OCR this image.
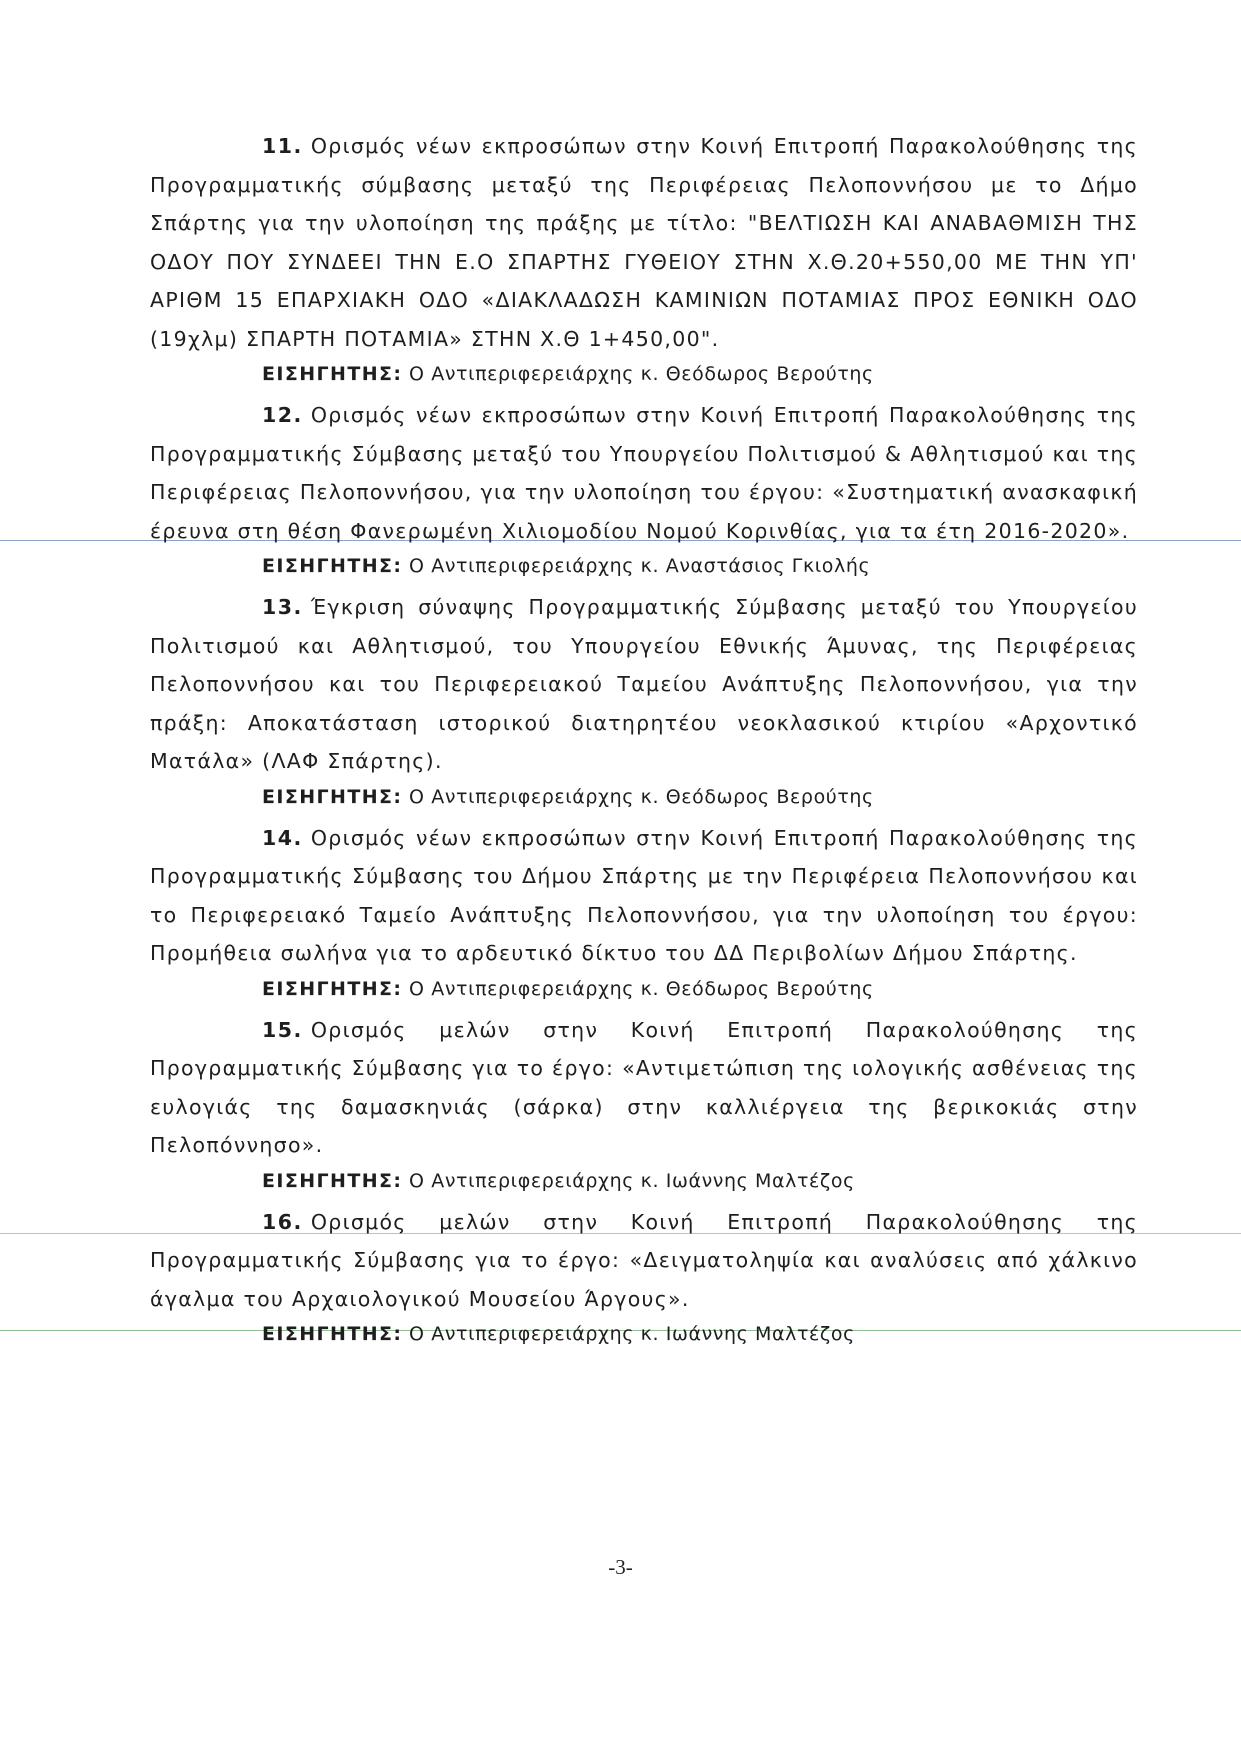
11. Ορισμός νέων εκπροσώπων στην Κοινή Επιτροπή Παρακολούθησης της Προγραμματικής σύμβασης μεταξύ της Περιφέρειας Πελοποννήσου με το Δήμο Σπάρτης για την υλοποίηση της πράξης με τίτλο: "ΒΕΛΤΙΩΣΗ ΚΑΙ ΑΝΑΒΑΘΜΙΣΗ ΤΗΣ ΟΔΟΥ ΠΟΥ ΣΥΝΔΕΕΙ ΤΗΝ Ε.Ο ΣΠΑΡΤΗΣ ΓΥΘΕΙΟΥ ΣΤΗΝ Χ.Θ.20+550,00 ΜΕ ΤΗΝ ΥΠ' ΑΡΙΘΜ 15 ΕΠΑΡΧΙΑΚΗ ΟΔΟ «ΔΙΑΚΛΑΔΩΣΗ ΚΑΜΙΝΙΩΝ ΠΟΤΑΜΙΑΣ ΠΡΟΣ ΕΘΝΙΚΗ ΟΔΟ (19χλμ) ΣΠΑΡΤΗ ΠΟΤΑΜΙΑ» ΣΤΗΝ Χ.Θ 1+450,00".

ΕΙΣΗΓΗΤΗΣ: Ο Αντιπεριφερειάρχης κ. Θεόδωρος Βερούτης

12. Ορισμός νέων εκπροσώπων στην Κοινή Επιτροπή Παρακολούθησης της Προγραμματικής Σύμβασης μεταξύ του Υπουργείου Πολιτισμού & Αθλητισμού και της Περιφέρειας Πελοποννήσου, για την υλοποίηση του έργου: «Συστηματική ανασκαφική έρευνα στη θέση Φανερωμένη Χιλιομοδίου Νομού Κορινθίας, για τα έτη 2016-2020».

ΕΙΣΗΓΗΤΗΣ: Ο Αντιπεριφερειάρχης κ. Αναστάσιος Γκιολής

13. Έγκριση σύναψης Προγραμματικής Σύμβασης μεταξύ του Υπουργείου Πολιτισμού και Αθλητισμού, του Υπουργείου Εθνικής Άμυνας, της Περιφέρειας Πελοποννήσου και του Περιφερειακού Ταμείου Ανάπτυξης Πελοποννήσου, για την πράξη: Αποκατάσταση ιστορικού διατηρητέου νεοκλασικού κτιρίου «Αρχοντικό Ματάλα» (ΛΑΦ Σπάρτης).

ΕΙΣΗΓΗΤΗΣ: Ο Αντιπεριφερειάρχης κ. Θεόδωρος Βερούτης

14. Ορισμός νέων εκπροσώπων στην Κοινή Επιτροπή Παρακολούθησης της Προγραμματικής Σύμβασης του Δήμου Σπάρτης με την Περιφέρεια Πελοποννήσου και το Περιφερειακό Ταμείο Ανάπτυξης Πελοποννήσου, για την υλοποίηση του έργου: Προμήθεια σωλήνα για το αρδευτικό δίκτυο του ΔΔ Περιβολίων Δήμου Σπάρτης.

ΕΙΣΗΓΗΤΗΣ: Ο Αντιπεριφερειάρχης κ. Θεόδωρος Βερούτης

15. Ορισμός μελών στην Κοινή Επιτροπή Παρακολούθησης της Προγραμματικής Σύμβασης για το έργο: «Αντιμετώπιση της ιολογικής ασθένειας της ευλογιάς της δαμασκηνιάς (σάρκα) στην καλλιέργεια της βερικοκιάς στην Πελοπόννησο».

ΕΙΣΗΓΗΤΗΣ: Ο Αντιπεριφερειάρχης κ. Ιωάννης Μαλτέζος

16. Ορισμός μελών στην Κοινή Επιτροπή Παρακολούθησης της Προγραμματικής Σύμβασης για το έργο: «Δειγματοληψία και αναλύσεις από χάλκινο άγαλμα του Αρχαιολογικού Μουσείου Άργους».

ΕΙΣΗΓΗΤΗΣ: Ο Αντιπεριφερειάρχης κ. Ιωάννης Μαλτέζος

-3-
